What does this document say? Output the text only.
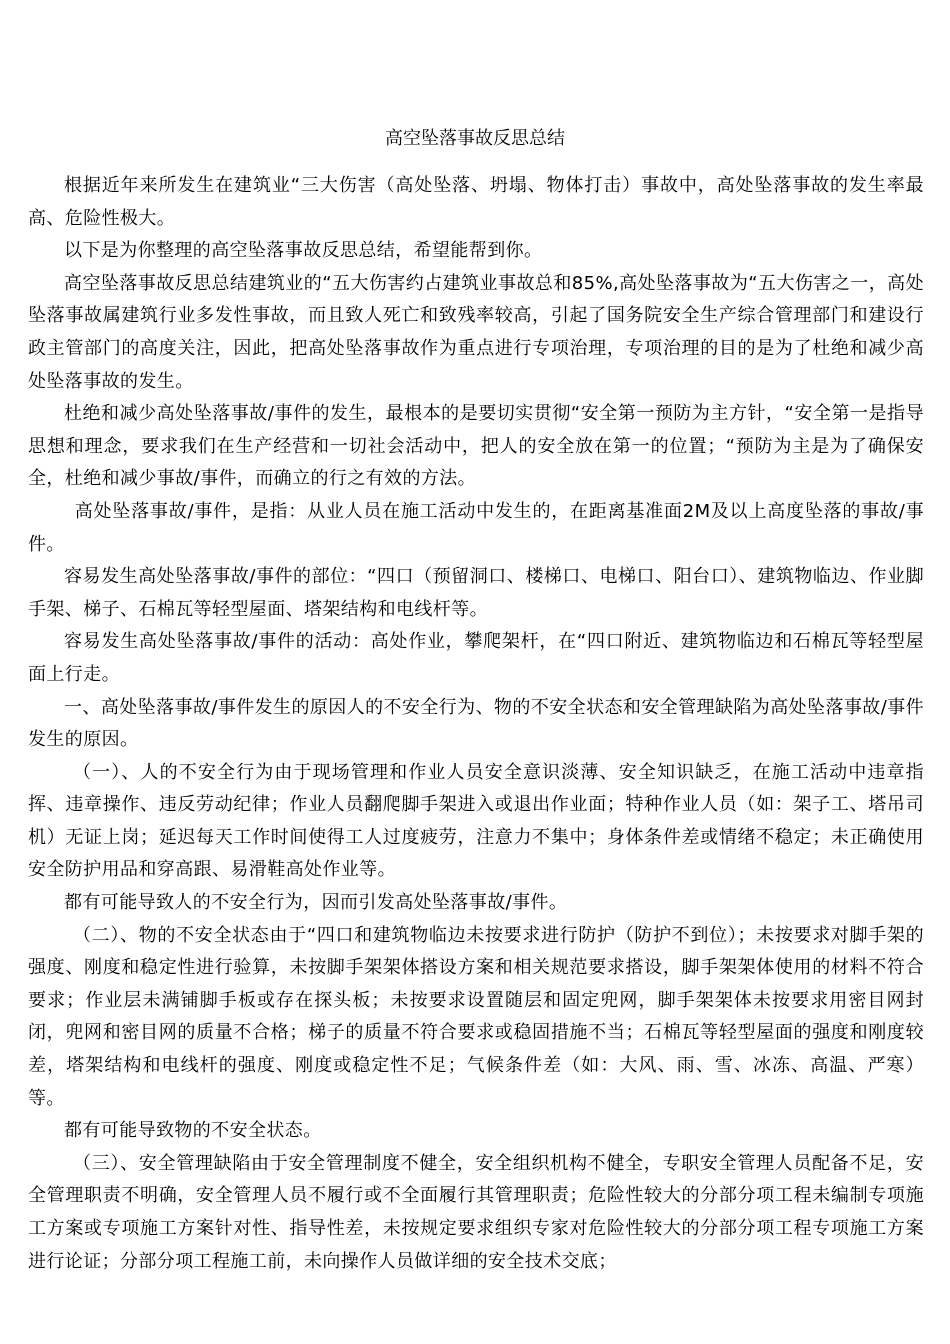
高空坠落事故反思总结

根据近年来所发生在建筑业“三大伤害（高处坠落、坍塌、物体打击）事故中，高处坠落事故的发生率最高、危险性极大。

以下是为你整理的高空坠落事故反思总结，希望能帮到你。

高空坠落事故反思总结建筑业的“五大伤害约占建筑业事故总和85%,高处坠落事故为“五大伤害之一，高处坠落事故属建筑行业多发性事故，而且致人死亡和致残率较高，引起了国务院安全生产综合管理部门和建设行政主管部门的高度关注，因此，把高处坠落事故作为重点进行专项治理，专项治理的目的是为了杜绝和减少高处坠落事故的发生。

杜绝和减少高处坠落事故/事件的发生，最根本的是要切实贯彻“安全第一预防为主方针，“安全第一是指导思想和理念，要求我们在生产经营和一切社会活动中，把人的安全放在第一的位置；“预防为主是为了确保安全，杜绝和减少事故/事件，而确立的行之有效的方法。

高处坠落事故/事件，是指：从业人员在施工活动中发生的，在距离基准面2M及以上高度坠落的事故/事件。

容易发生高处坠落事故/事件的部位：“四口（预留洞口、楼梯口、电梯口、阳台口）、建筑物临边、作业脚手架、梯子、石棉瓦等轻型屋面、塔架结构和电线杆等。

容易发生高处坠落事故/事件的活动：高处作业，攀爬架杆，在“四口附近、建筑物临边和石棉瓦等轻型屋面上行走。

一、高处坠落事故/事件发生的原因人的不安全行为、物的不安全状态和安全管理缺陷为高处坠落事故/事件发生的原因。

（一）、人的不安全行为由于现场管理和作业人员安全意识淡薄、安全知识缺乏，在施工活动中违章指挥、违章操作、违反劳动纪律；作业人员翻爬脚手架进入或退出作业面；特种作业人员（如：架子工、塔吊司机）无证上岗；延迟每天工作时间使得工人过度疲劳，注意力不集中；身体条件差或情绪不稳定；未正确使用安全防护用品和穿高跟、易滑鞋高处作业等。

都有可能导致人的不安全行为，因而引发高处坠落事故/事件。

（二）、物的不安全状态由于“四口和建筑物临边未按要求进行防护（防护不到位）；未按要求对脚手架的强度、刚度和稳定性进行验算，未按脚手架架体搭设方案和相关规范要求搭设，脚手架架体使用的材料不符合要求；作业层未满铺脚手板或存在探头板；未按要求设置随层和固定兜网，脚手架架体未按要求用密目网封闭，兜网和密目网的质量不合格；梯子的质量不符合要求或稳固措施不当；石棉瓦等轻型屋面的强度和刚度较差，塔架结构和电线杆的强度、刚度或稳定性不足；气候条件差（如：大风、雨、雪、冰冻、高温、严寒）等。

都有可能导致物的不安全状态。

（三）、安全管理缺陷由于安全管理制度不健全，安全组织机构不健全，专职安全管理人员配备不足，安全管理职责不明确，安全管理人员不履行或不全面履行其管理职责；危险性较大的分部分项工程未编制专项施工方案或专项施工方案针对性、指导性差，未按规定要求组织专家对危险性较大的分部分项工程专项施工方案进行论证；分部分项工程施工前，未向操作人员做详细的安全技术交底；
